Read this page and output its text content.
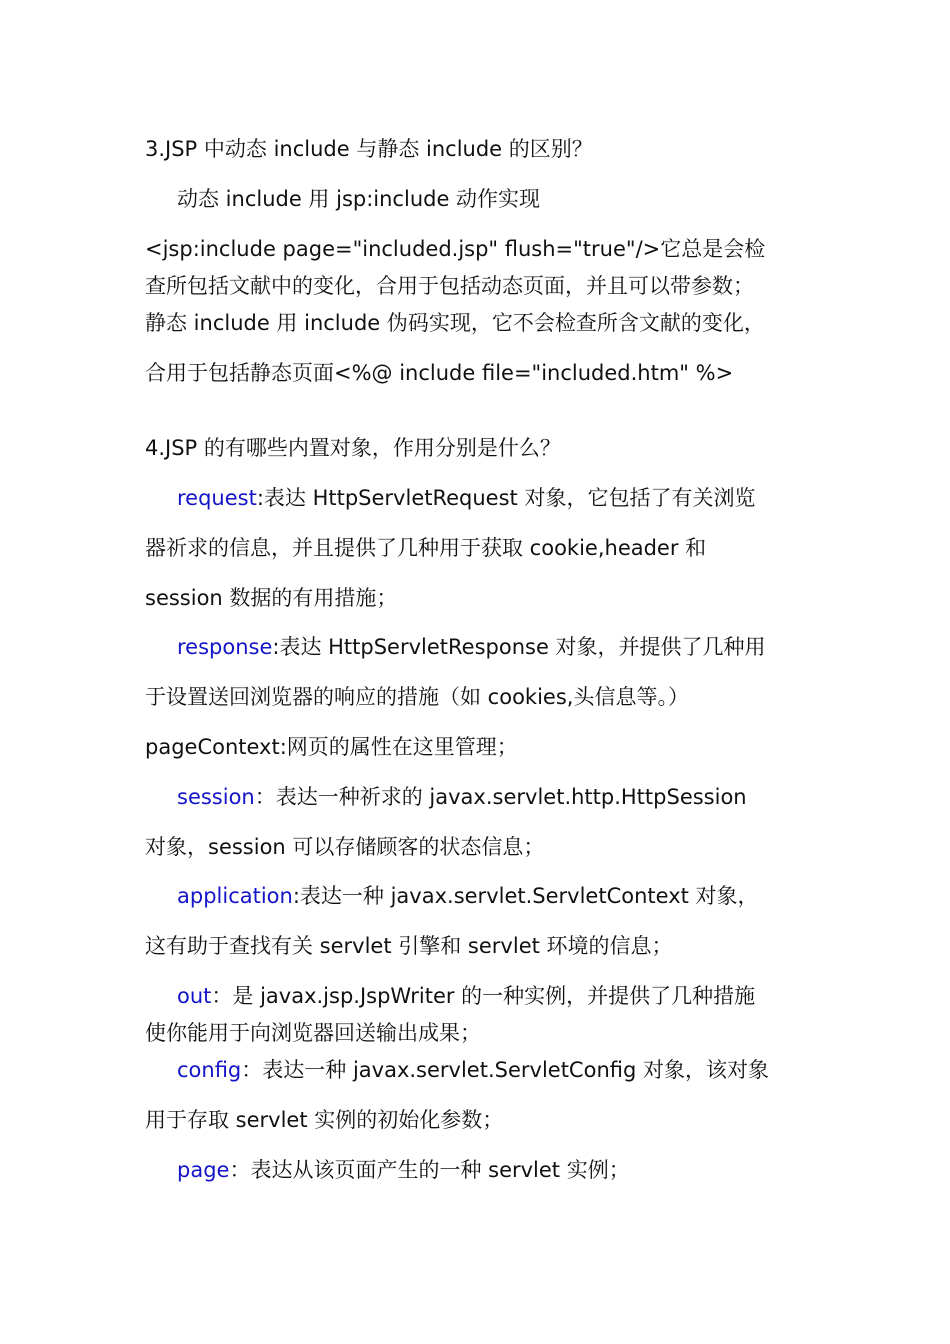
3.JSP 中动态 include 与静态 include 的区别？
动态 include 用 jsp:include 动作实现
<jsp:include page="included.jsp" flush="true"/>它总是会检
查所包括文献中的变化，合用于包括动态页面，并且可以带参数；
静态 include 用 include 伪码实现，它不会检查所含文献的变化，
合用于包括静态页面<%@ include file="included.htm" %>
4.JSP 的有哪些内置对象，作用分别是什么？
request:表达 HttpServletRequest 对象，它包括了有关浏览
器祈求的信息，并且提供了几种用于获取 cookie,header 和
session 数据的有用措施；
response:表达 HttpServletResponse 对象，并提供了几种用
于设置送回浏览器的响应的措施（如 cookies,头信息等。）
pageContext:网页的属性在这里管理；
session：表达一种祈求的 javax.servlet.http.HttpSession
对象，session 可以存储顾客的状态信息；
application:表达一种 javax.servlet.ServletContext 对象，
这有助于查找有关 servlet 引擎和 servlet 环境的信息；
out：是 javax.jsp.JspWriter 的一种实例，并提供了几种措施
使你能用于向浏览器回送输出成果；
config：表达一种 javax.servlet.ServletConfig 对象，该对象
用于存取 servlet 实例的初始化参数；
page：表达从该页面产生的一种 servlet 实例；
